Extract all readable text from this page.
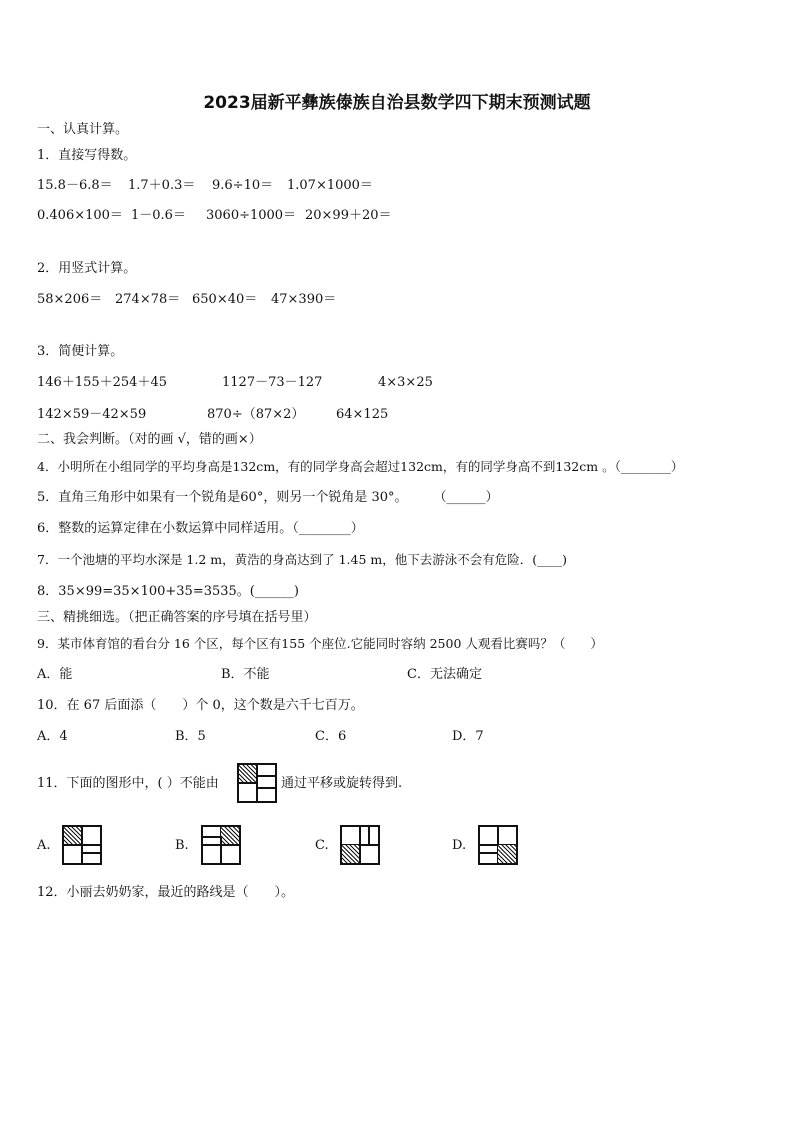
2023届新平彝族傣族自治县数学四下期末预测试题
一、认真计算。
1．直接写得数。
15.8－6.8＝ 1.7＋0.3＝ 9.6÷10＝ 1.07×1000＝
0.406×100＝ 1－0.6＝ 3060÷1000＝ 20×99＋20＝
2．用竖式计算。
58×206＝ 274×78＝ 650×40＝ 47×390＝
3．简便计算。
146＋155＋254＋45	1127－73－127	4×3×25
142×59－42×59	870÷（87×2） 64×125
二、我会判断。（对的画 √，错的画×）
4．小明所在小组同学的平均身高是132cm，有的同学身高会超过132cm，有的同学身高不到132cm 。（________）
5．直角三角形中如果有一个锐角是60°，则另一个锐角是 30°。　　　（______）
6．整数的运算定律在小数运算中同样适用。（________）
7．一个池塘的平均水深是 1.2 m，黄浩的身高达到了 1.45 m，他下去游泳不会有危险．(____)
8．35×99=35×100+35=3535。(______)
三、精挑细选。（把正确答案的序号填在括号里）
9．某市体育馆的看台分 16 个区，每个区有155 个座位.它能同时容纳 2500 人观看比赛吗？（　　）
A．能	B．不能	C．无法确定
10．在 67 后面添（　　）个 0，这个数是六千七百万。
A．4	B．5	C．6	D．7
11．下面的图形中，( ）不能由	通过平移或旋转得到.
A.	B.	C.	D.
12．小丽去奶奶家，最近的路线是（　　）。
